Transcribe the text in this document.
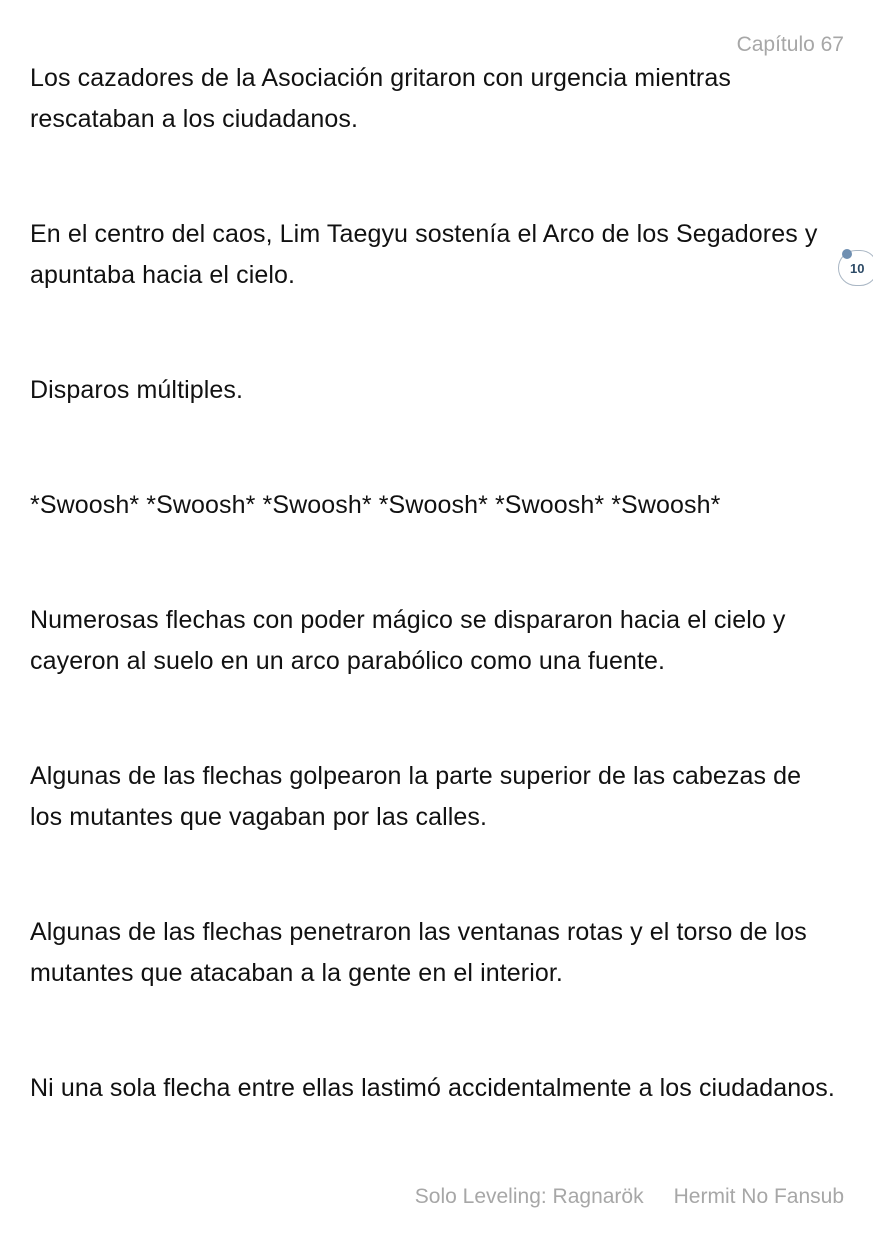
Capítulo 67

Los cazadores de la Asociación gritaron con urgencia mientras rescataban a los ciudadanos.

En el centro del caos, Lim Taegyu sostenía el Arco de los Segadores y apuntaba hacia el cielo.

Disparos múltiples.

*Swoosh* *Swoosh* *Swoosh* *Swoosh* *Swoosh* *Swoosh*

Numerosas flechas con poder mágico se dispararon hacia el cielo y cayeron al suelo en un arco parabólico como una fuente.

Algunas de las flechas golpearon la parte superior de las cabezas de los mutantes que vagaban por las calles.

Algunas de las flechas penetraron las ventanas rotas y el torso de los mutantes que atacaban a la gente en el interior.

Ni una sola flecha entre ellas lastimó accidentalmente a los ciudadanos.

10
Solo Leveling: Ragnarök Hermit No Fansub
